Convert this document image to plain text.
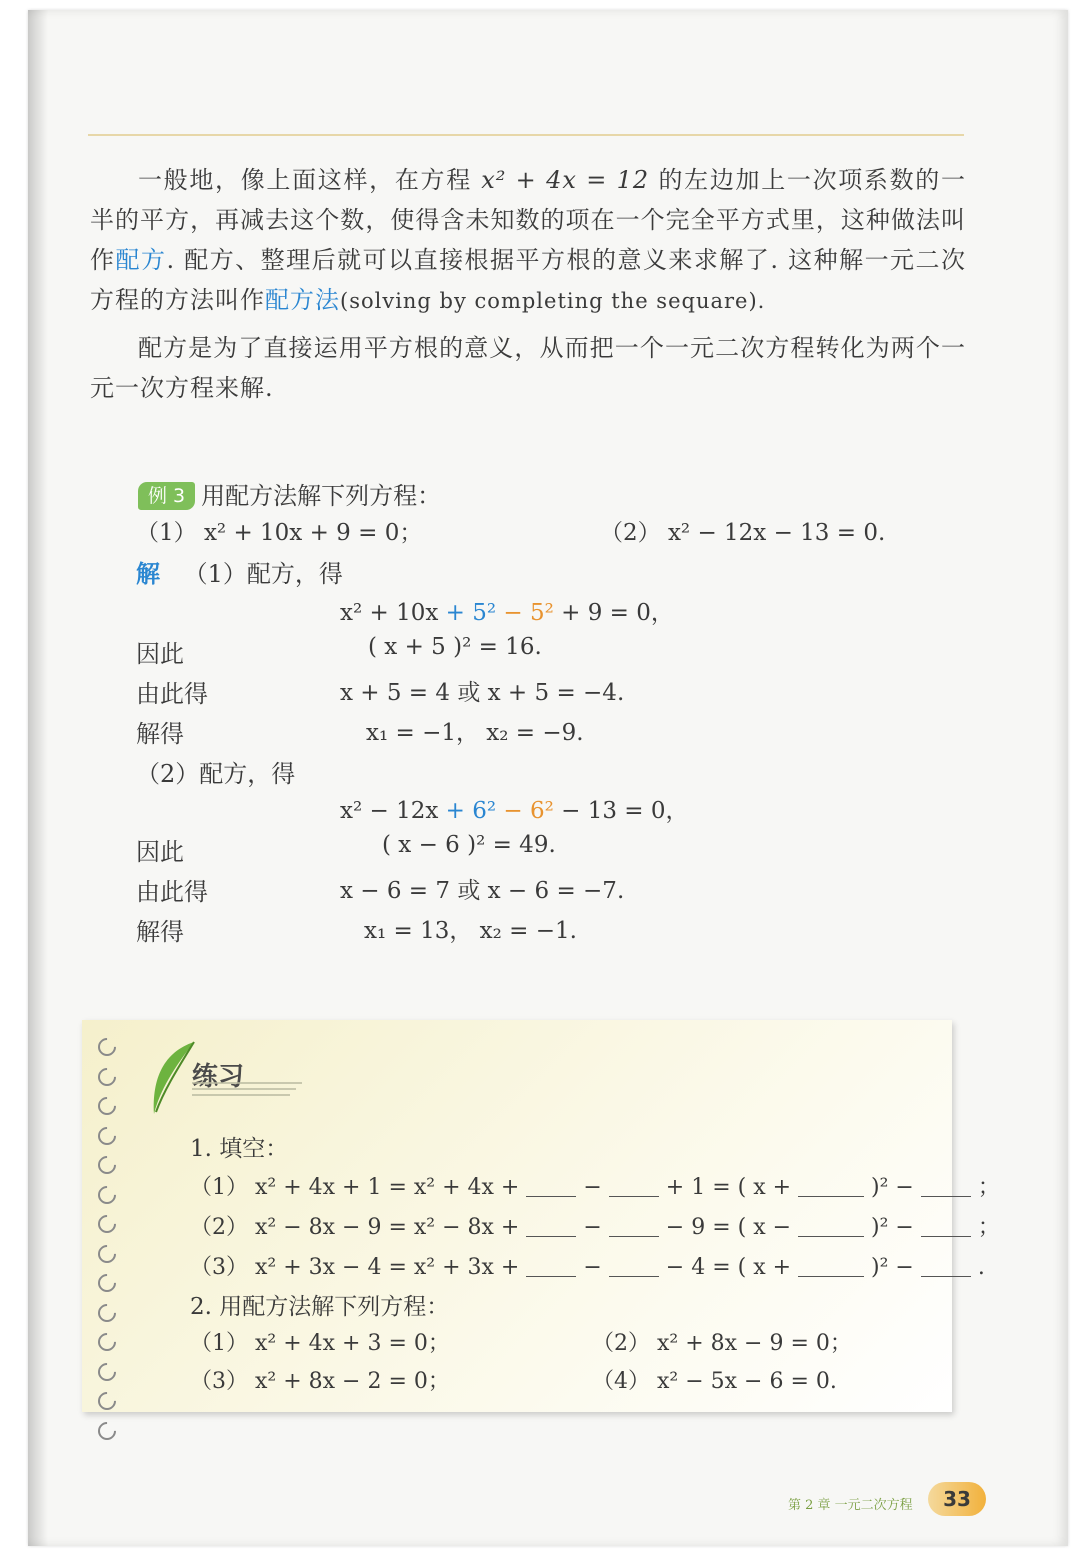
一般地，像上面这样，在方程 x² + 4x = 12 的左边加上一次项系数的一半的平方，再减去这个数，使得含未知数的项在一个完全平方式里，这种做法叫作配方. 配方、整理后就可以直接根据平方根的意义来求解了. 这种解一元二次方程的方法叫作配方法(solving by completing the sequare).

配方是为了直接运用平方根的意义，从而把一个一元二次方程转化为两个一元一次方程来解.

例 3 用配方法解下列方程：
（1） x² + 10x + 9 = 0；	（2） x² − 12x − 13 = 0.
解 （1）配方，得
x² + 10x + 5² − 5² + 9 = 0，
因此	( x + 5 )² = 16.
由此得	x + 5 = 4 或 x + 5 = −4.
解得	x₁ = −1， x₂ = −9.
（2）配方，得
x² − 12x + 6² − 6² − 13 = 0，
因此	( x − 6 )² = 49.
由此得	x − 6 = 7 或 x − 6 = −7.
解得	x₁ = 13， x₂ = −1.
练习
1. 填空：
（1） x² + 4x + 1 = x² + 4x +  −  + 1 = ( x +	)² −  ；
（2） x² − 8x − 9 = x² − 8x +  −  − 9 = ( x −	)² −  ；
（3） x² + 3x − 4 = x² + 3x +  −  − 4 = ( x +	)² −  .
2. 用配方法解下列方程：
（1） x² + 4x + 3 = 0；	（2） x² + 8x − 9 = 0；
（3） x² + 8x − 2 = 0；	（4） x² − 5x − 6 = 0.
第 2 章 一元二次方程	33
